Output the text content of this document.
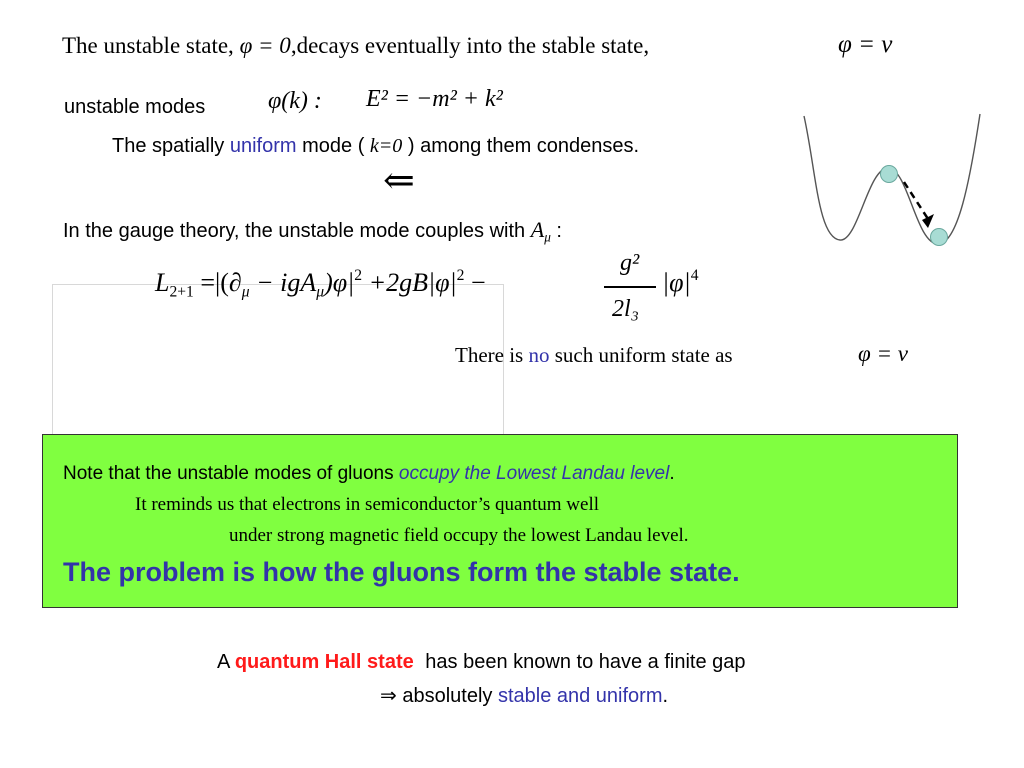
The unstable state, φ = 0,decays eventually into the stable state,	φ = v
unstable modes	φ(k) : E² = −m² + k²
The spatially uniform mode ( k=0 ) among them condenses.
⇐
In the gauge theory, the unstable mode couples with $A_\mu$ :
$L_{2+1} =|(\partial_\mu - igA_\mu)\varphi|^2 +2gB|\varphi|^2$ −
g²
2l₃
$|\varphi|^4$
There is no such uniform state as	φ = v
Note that the unstable modes of gluons occupy the Lowest Landau level.
It reminds us that electrons in semiconductor’s quantum well
under strong magnetic field occupy the lowest Landau level.
The problem is how the gluons form the stable state.
A quantum Hall state has been known to have a finite gap
⇒ absolutely stable and uniform.
